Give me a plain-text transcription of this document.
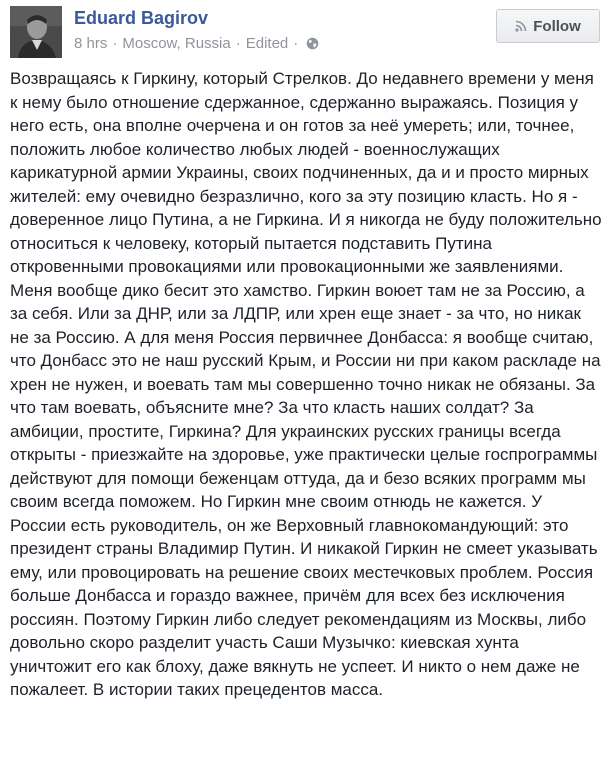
Eduard Bagirov
8 hrs · Moscow, Russia · Edited ·
Follow

Возвращаясь к Гиркину, который Стрелков. До недавнего времени у меня к нему было отношение сдержанное, сдержанно выражаясь. Позиция у него есть, она вполне очерчена и он готов за неё умереть; или, точнее, положить любое количество любых людей - военнослужащих карикатурной армии Украины, своих подчиненных, да и и просто мирных жителей: ему очевидно безразлично, кого за эту позицию класть. Но я - доверенное лицо Путина, а не Гиркина. И я никогда не буду положительно относиться к человеку, который пытается подставить Путина откровенными провокациями или провокационными же заявлениями. Меня вообще дико бесит это хамство. Гиркин воюет там не за Россию, а за себя. Или за ДНР, или за ЛДПР, или хрен еще знает - за что, но никак не за Россию. А для меня Россия первичнее Донбасса: я вообще считаю, что Донбасс это не наш русский Крым, и России ни при каком раскладе на хрен не нужен, и воевать там мы совершенно точно никак не обязаны. За что там воевать, объясните мне? За что класть наших солдат? За амбиции, простите, Гиркина? Для украинских русских границы всегда открыты - приезжайте на здоровье, уже практически целые госпрограммы действуют для помощи беженцам оттуда, да и безо всяких программ мы своим всегда поможем. Но Гиркин мне своим отнюдь не кажется. У России есть руководитель, он же Верховный главнокомандующий: это президент страны Владимир Путин. И никакой Гиркин не смеет указывать ему, или провоцировать на решение своих местечковых проблем. Россия больше Донбасса и гораздо важнее, причём для всех без исключения россиян. Поэтому Гиркин либо следует рекомендациям из Москвы, либо довольно скоро разделит участь Саши Музычко: киевская хунта уничтожит его как блоху, даже вякнуть не успеет. И никто о нем даже не пожалеет. В истории таких прецедентов масса.
